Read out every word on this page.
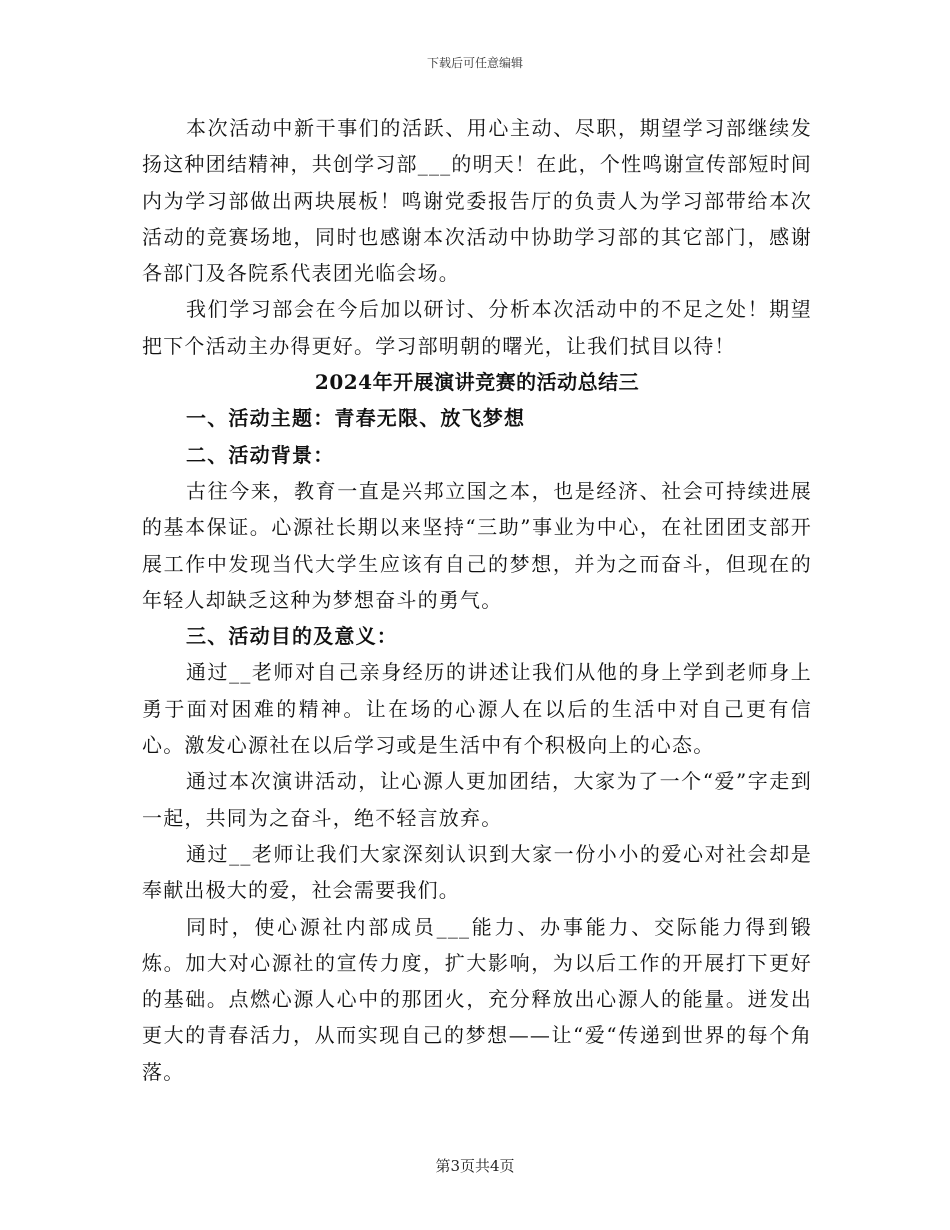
下载后可任意编辑

本次活动中新干事们的活跃、用心主动、尽职，期望学习部继续发扬这种团结精神，共创学习部___的明天！在此，个性鸣谢宣传部短时间内为学习部做出两块展板！鸣谢党委报告厅的负责人为学习部带给本次活动的竞赛场地，同时也感谢本次活动中协助学习部的其它部门，感谢各部门及各院系代表团光临会场。

我们学习部会在今后加以研讨、分析本次活动中的不足之处！期望把下个活动主办得更好。学习部明朝的曙光，让我们拭目以待！

2024年开展演讲竞赛的活动总结三

一、活动主题：青春无限、放飞梦想

二、活动背景：

古往今来，教育一直是兴邦立国之本，也是经济、社会可持续进展的基本保证。心源社长期以来坚持“三助”事业为中心，在社团团支部开展工作中发现当代大学生应该有自己的梦想，并为之而奋斗，但现在的年轻人却缺乏这种为梦想奋斗的勇气。

三、活动目的及意义：

通过__老师对自己亲身经历的讲述让我们从他的身上学到老师身上勇于面对困难的精神。让在场的心源人在以后的生活中对自己更有信心。激发心源社在以后学习或是生活中有个积极向上的心态。

通过本次演讲活动，让心源人更加团结，大家为了一个“爱”字走到一起，共同为之奋斗，绝不轻言放弃。

通过__老师让我们大家深刻认识到大家一份小小的爱心对社会却是奉献出极大的爱，社会需要我们。

同时，使心源社内部成员___能力、办事能力、交际能力得到锻炼。加大对心源社的宣传力度，扩大影响，为以后工作的开展打下更好的基础。点燃心源人心中的那团火，充分释放出心源人的能量。迸发出更大的青春活力，从而实现自己的梦想——让“爱“传递到世界的每个角落。

第3页共4页
